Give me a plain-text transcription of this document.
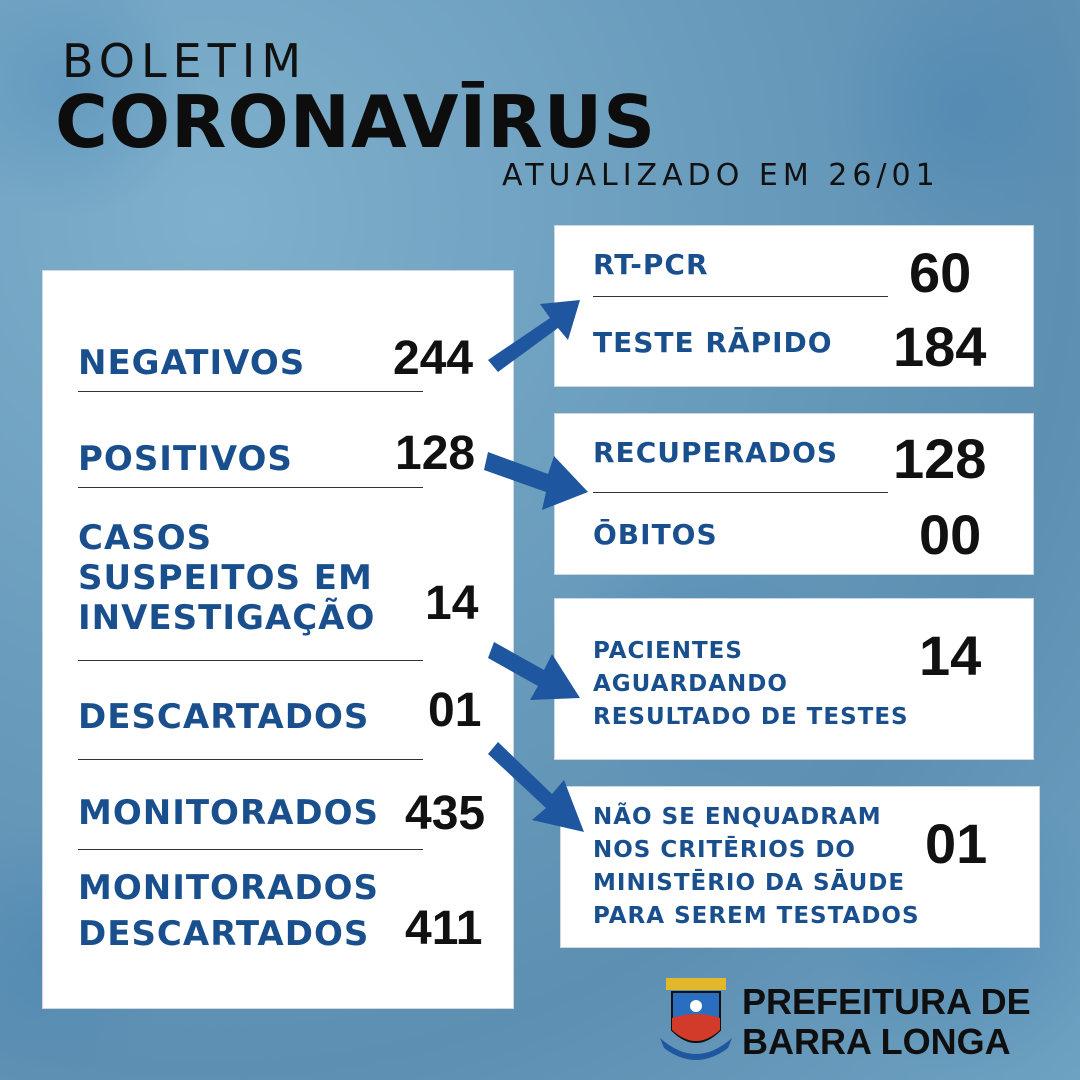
BOLETIM
CORONAVĪRUS
ATUALIZADO EM 26/01
NEGATIVOS 244
POSITIVOS 128
CASOS
SUSPEITOS EM
INVESTIGAÇÃO 14
DESCARTADOS 01
MONITORADOS 435
MONITORADOS
DESCARTADOS 411
RT-PCR	60
TESTE RĀPIDO 184
RECUPERADOS 128
ŌBITOS	00
PACIENTES
AGUARDANDO
RESULTADO DE TESTES
14
NÃO SE ENQUADRAM
NOS CRITĒRIOS DO
MINISTĒRIO DA SĀUDE
PARA SEREM TESTADOS
01
PREFEITURA DE
BARRA LONGA
